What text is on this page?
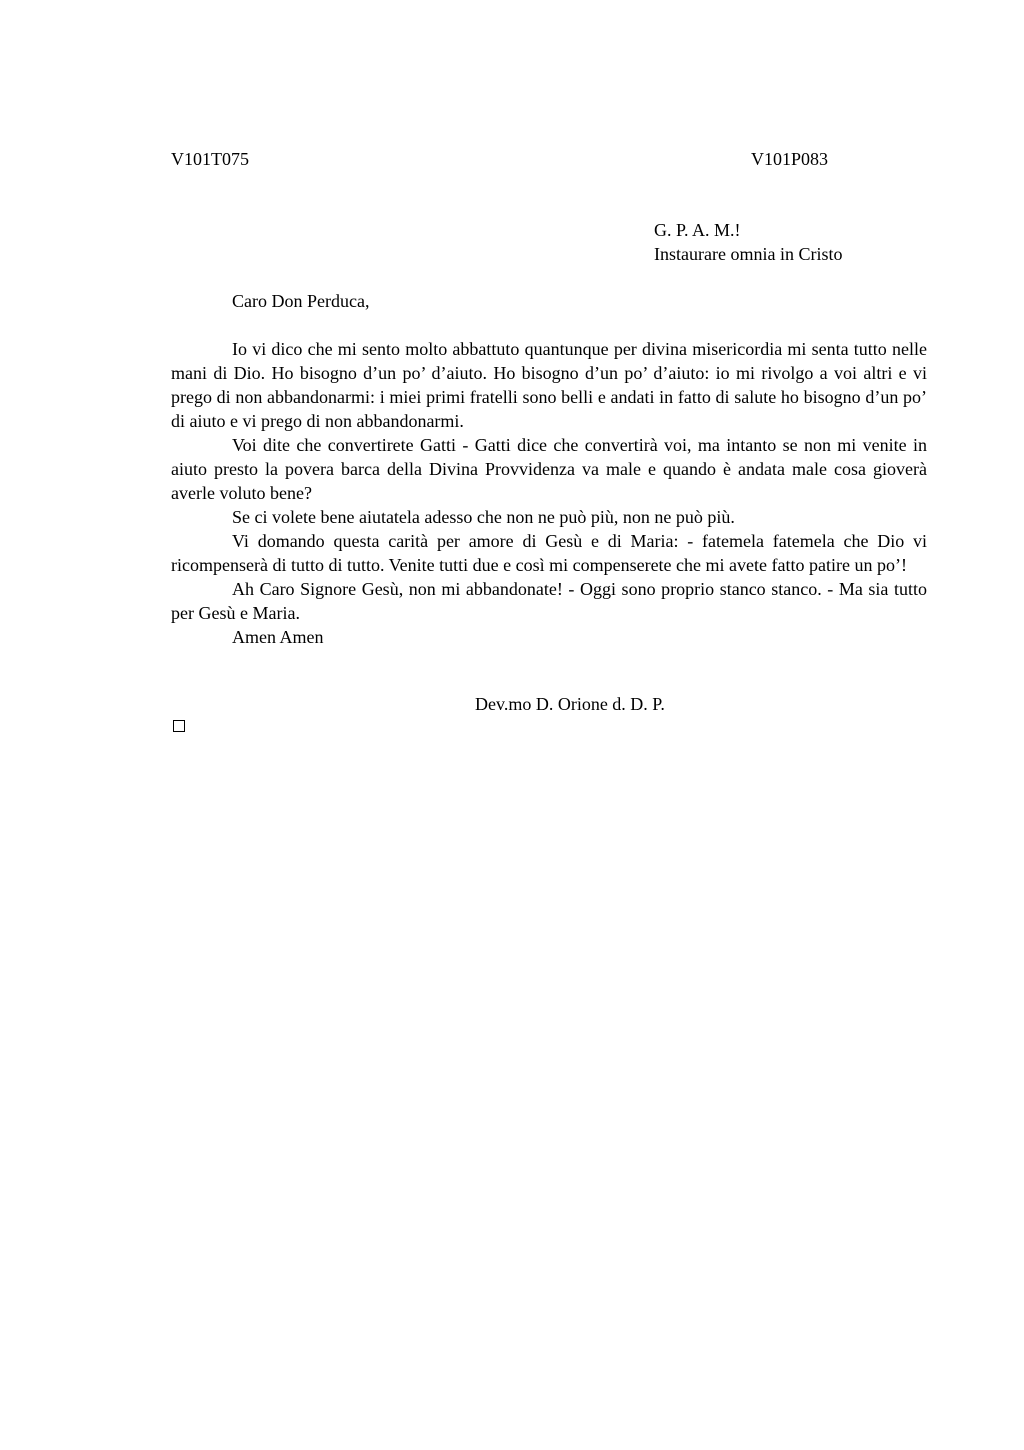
V101T075	V101P083
G. P. A. M.!
Instaurare omnia in Cristo
Caro Don Perduca,

Io vi dico che mi sento molto abbattuto quantunque per divina misericordia mi senta tutto nelle mani di Dio. Ho bisogno d’un po’ d’aiuto. Ho bisogno d’un po’ d’aiuto: io mi rivolgo a voi altri e vi prego di non abbandonarmi: i miei primi fratelli sono belli e andati in fatto di salute ho bisogno d’un po’ di aiuto e vi prego di non abbandonarmi.

Voi dite che convertirete Gatti - Gatti dice che convertirà voi, ma intanto se non mi venite in aiuto presto la povera barca della Divina Provvidenza va male e quando è andata male cosa gioverà averle voluto bene?

Se ci volete bene aiutatela adesso che non ne può più, non ne può più.

Vi domando questa carità per amore di Gesù e di Maria: - fatemela fatemela che Dio vi ricompenserà di tutto di tutto. Venite tutti due e così mi compenserete che mi avete fatto patire un po’!

Ah Caro Signore Gesù, non mi abbandonate! - Oggi sono proprio stanco stanco. - Ma sia tutto per Gesù e Maria.

Amen Amen

Dev.mo D. Orione d. D. P.
